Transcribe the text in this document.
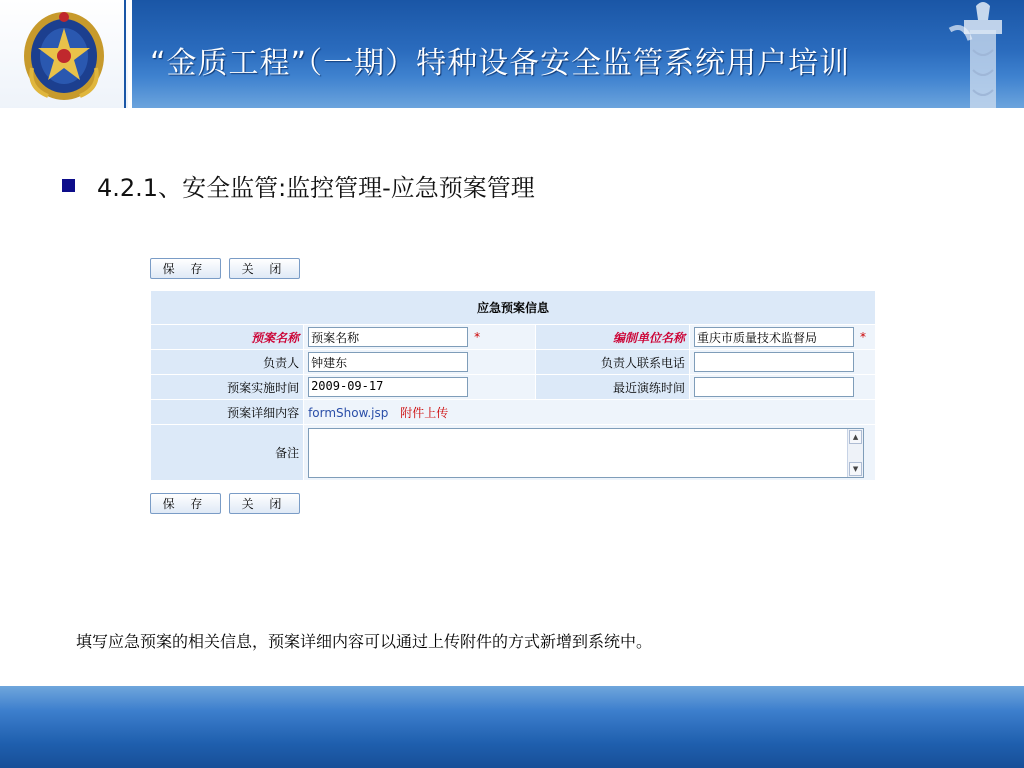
“金质工程”（一期）特种设备安全监管系统用户培训
4.2.1、安全监管:监控管理-应急预案管理
保 存	关 闭
应急预案信息			
预案名称	预案名称 *	编制单位名称	重庆市质量技术监督局 *

负责人	钟建东	负责人联系电话	

预案实施时间	2009-09-17	最近演练时间	

预案详细内容	formShow.jsp 附件上传		
备注	▲
▼		
保 存	关 闭
填写应急预案的相关信息，预案详细内容可以通过上传附件的方式新增到系统中。
